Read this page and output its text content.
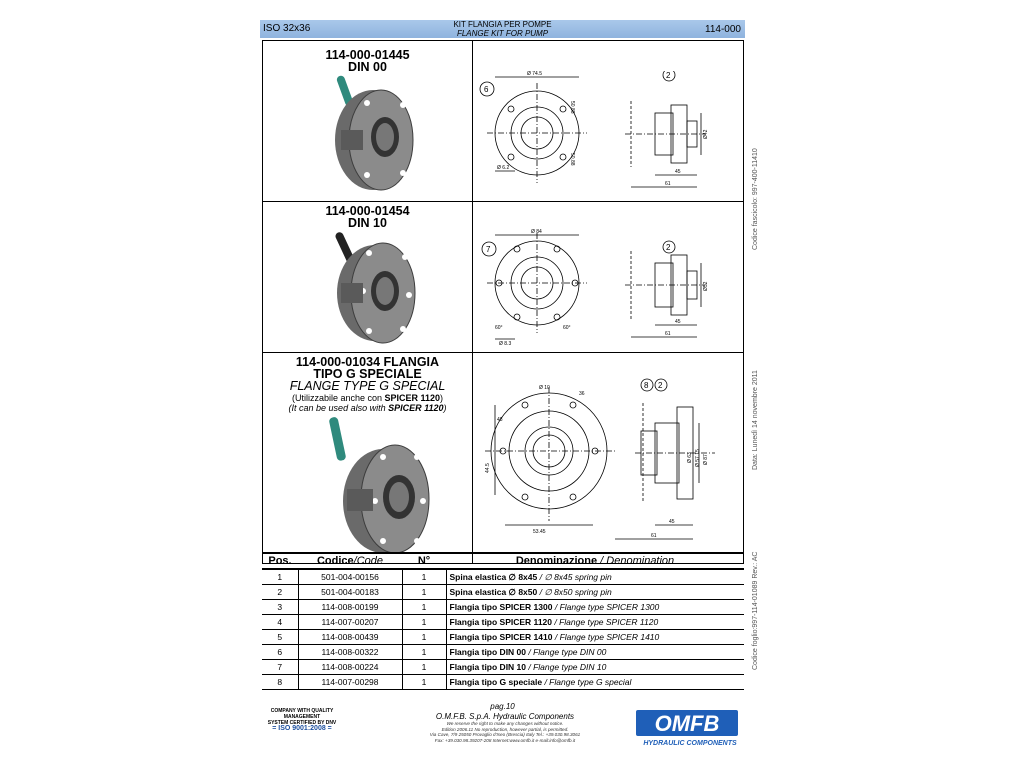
ISO 32x36	KIT FLANGIA PER POMPE
FLANGE KIT FOR PUMP	114-000
114-000-01445
DIN 00
114-000-01454
DIN 10
114-000-01034 FLANGIA
TIPO G SPECIALE
FLANGE TYPE G SPECIAL
(Utilizzabile anche con SPICER 1120)
(It can be used also with SPICER 1120)
Ø 74.5
50.88
50.88
Ø 6.2
Ø42
45
61
6
2
Ø 84
60°	60°
Ø 8.3
Ø52
45
61
7	2
Ø 10
36
48
53.45
44.5
Ø 63 Ø 57.15 Ø 87
45
61
8 2
Pos.	Codice/Code	N°	Denominazione / Denomination
1	501-004-00156	1	Spina elastica ∅ 8x45 / ∅ 8x45 spring pin
2	501-004-00183	1	Spina elastica ∅ 8x50 / ∅ 8x50 spring pin
3	114-008-00199	1	Flangia tipo SPICER 1300 / Flange type SPICER 1300
4	114-007-00207	1	Flangia tipo SPICER 1120 / Flange type SPICER 1120
5	114-008-00439	1	Flangia tipo SPICER 1410 / Flange type SPICER 1410
6	114-008-00322	1	Flangia tipo DIN 00 / Flange type DIN 00
7	114-008-00224	1	Flangia tipo DIN 10 / Flange type DIN 10
8	114-007-00298	1	Flangia tipo G speciale / Flange type G special
pag.10
COMPANY WITH QUALITY MANAGEMENT
SYSTEM CERTIFIED BY DNV
= ISO 9001:2008 =
O.M.F.B. S.p.A. Hydraulic Components
We reserve the right to make any changes without notice.
Edition 2006.11 No reproduction, however partial, is permitted.
Via Cave, 7/9 25050 Provaglio d'Iseo (Brescia) Italy Tel.: +39.030.98.3061
Fax: +39.030.98.39207-208 Internet:www.omfb.it e-mail:info@omfb.it
OMFB
HYDRAULIC COMPONENTS
Codice fascicolo: 997-400-11410
Data: Lunedì 14 novembre 2011
Codice foglio:997-114-01089 Rev.: AC
